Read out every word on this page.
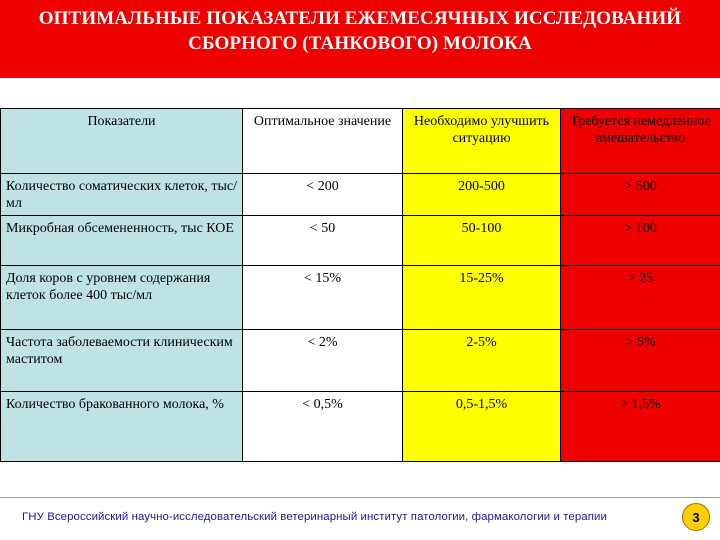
ОПТИМАЛЬНЫЕ ПОКАЗАТЕЛИ ЕЖЕМЕСЯЧНЫХ ИССЛЕДОВАНИЙ
СБОРНОГО (ТАНКОВОГО) МОЛОКА
Показатели	Оптимальное значение	Необходимо улучшить ситуацию	Требуется немедленное вмешательство
Количество соматических клеток, тыс/мл	< 200	200-500	> 500
Микробная обсемененность, тыс КОЕ	< 50	50-100	> 100
Доля коров с уровнем содержания клеток более 400 тыс/мл	< 15%	15-25%	> 25
Частота заболеваемости клиническим маститом	< 2%	2-5%	> 5%
Количество бракованного молока, %	< 0,5%	0,5-1,5%	> 1,5%
ГНУ Всероссийский научно-исследовательский ветеринарный институт патологии, фармакологии и терапии	3
